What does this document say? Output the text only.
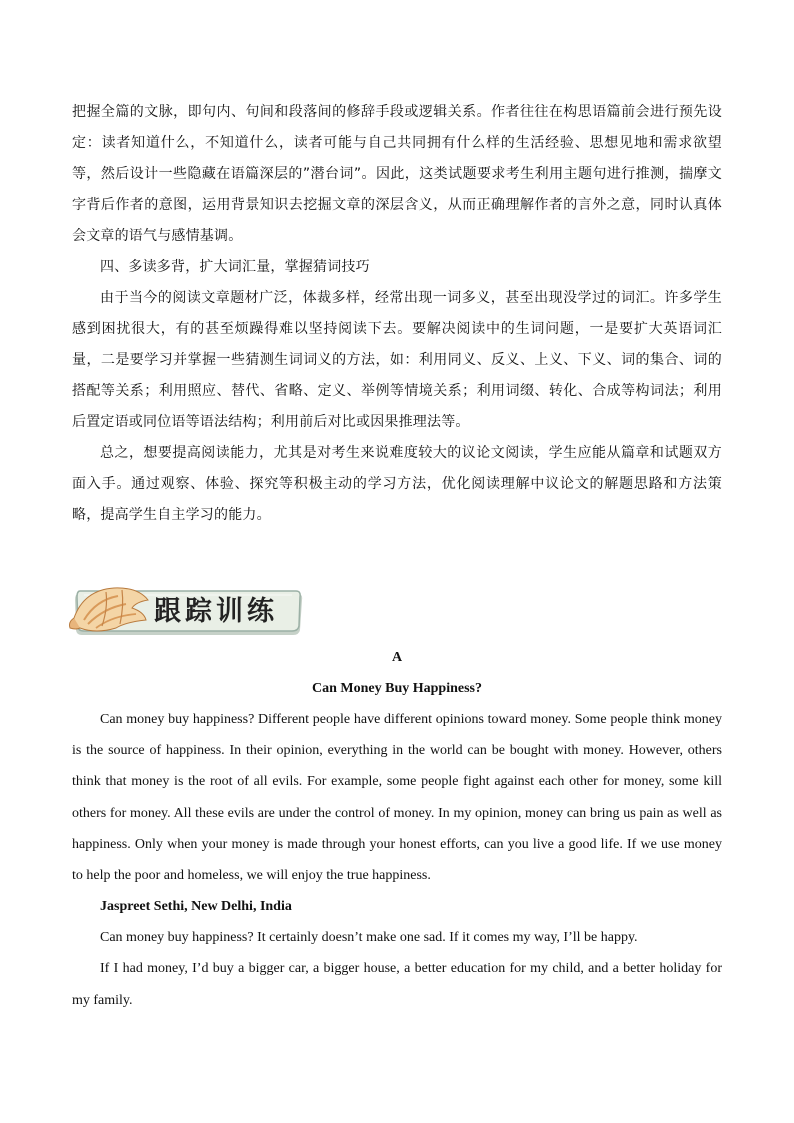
把握全篇的文脉，即句内、句间和段落间的修辞手段或逻辑关系。作者往往在构思语篇前会进行预先设定：读者知道什么，不知道什么，读者可能与自己共同拥有什么样的生活经验、思想见地和需求欲望等，然后设计一些隐藏在语篇深层的”潜台词”。因此，这类试题要求考生利用主题句进行推测，揣摩文字背后作者的意图，运用背景知识去挖掘文章的深层含义，从而正确理解作者的言外之意，同时认真体会文章的语气与感情基调。

四、多读多背，扩大词汇量，掌握猜词技巧

由于当今的阅读文章题材广泛，体裁多样，经常出现一词多义，甚至出现没学过的词汇。许多学生感到困扰很大，有的甚至烦躁得难以坚持阅读下去。要解决阅读中的生词问题，一是要扩大英语词汇量，二是要学习并掌握一些猜测生词词义的方法，如：利用同义、反义、上义、下义、词的集合、词的搭配等关系；利用照应、替代、省略、定义、举例等情境关系；利用词缀、转化、合成等构词法；利用后置定语或同位语等语法结构；利用前后对比或因果推理法等。

总之，想要提高阅读能力，尤其是对考生来说难度较大的议论文阅读，学生应能从篇章和试题双方面入手。通过观察、体验、探究等积极主动的学习方法，优化阅读理解中议论文的解题思路和方法策略，提高学生自主学习的能力。

跟踪训练

A

Can Money Buy Happiness?

Can money buy happiness? Different people have different opinions toward money. Some people think money is the source of happiness. In their opinion, everything in the world can be bought with money. However, others think that money is the root of all evils. For example, some people fight against each other for money, some kill others for money. All these evils are under the control of money. In my opinion, money can bring us pain as well as happiness. Only when your money is made through your honest efforts, can you live a good life. If we use money to help the poor and homeless, we will enjoy the true happiness.

Jaspreet Sethi, New Delhi, India

Can money buy happiness? It certainly doesn’t make one sad. If it comes my way, I’ll be happy.

If I had money, I’d buy a bigger car, a bigger house, a better education for my child, and a better holiday for my family.
